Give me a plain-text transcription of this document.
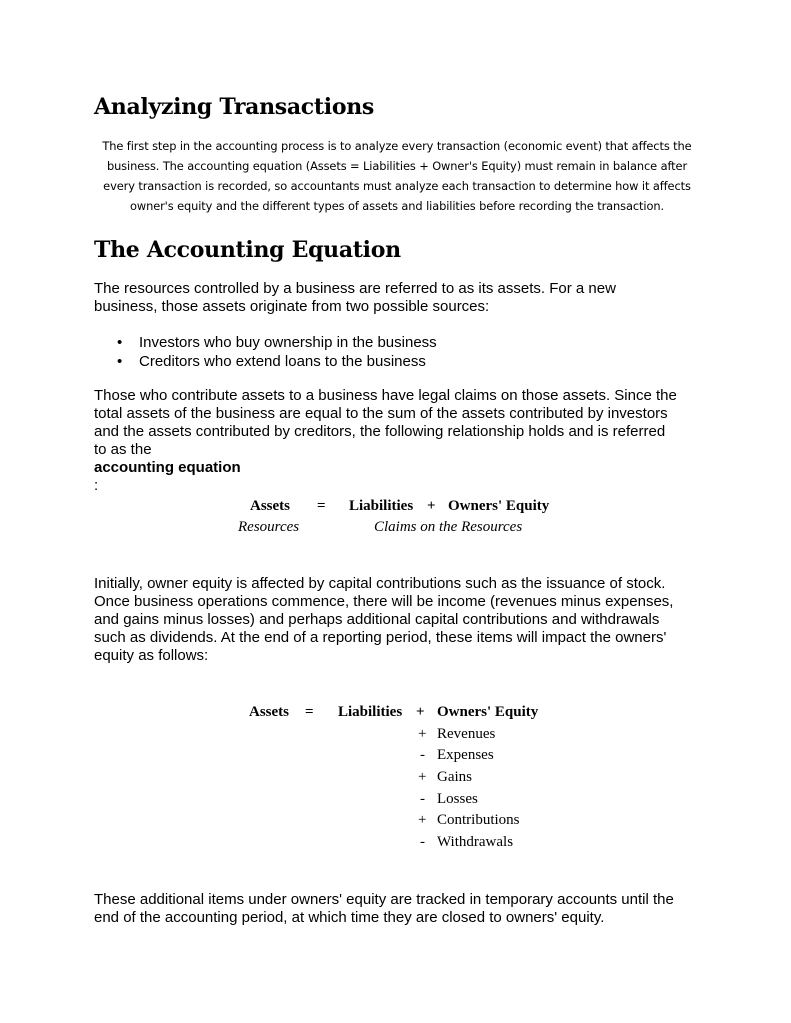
Analyzing Transactions
The first step in the accounting process is to analyze every transaction (economic event) that affects the
business. The accounting equation (Assets = Liabilities + Owner's Equity) must remain in balance after
every transaction is recorded, so accountants must analyze each transaction to determine how it affects
owner's equity and the different types of assets and liabilities before recording the transaction.
The Accounting Equation
The resources controlled by a business are referred to as its assets. For a new
business, those assets originate from two possible sources:
• Investors who buy ownership in the business
• Creditors who extend loans to the business
Those who contribute assets to a business have legal claims on those assets. Since the
total assets of the business are equal to the sum of the assets contributed by investors
and the assets contributed by creditors, the following relationship holds and is referred
to as the
accounting equation
:
Assets = Liabilities + Owners' Equity
Resources	Claims on the Resources
Initially, owner equity is affected by capital contributions such as the issuance of stock.
Once business operations commence, there will be income (revenues minus expenses,
and gains minus losses) and perhaps additional capital contributions and withdrawals
such as dividends. At the end of a reporting period, these items will impact the owners'
equity as follows:
Assets = Liabilities + Owners' Equity
+ Revenues
- Expenses
+ Gains
- Losses
+ Contributions
- Withdrawals
These additional items under owners' equity are tracked in temporary accounts until the
end of the accounting period, at which time they are closed to owners' equity.
